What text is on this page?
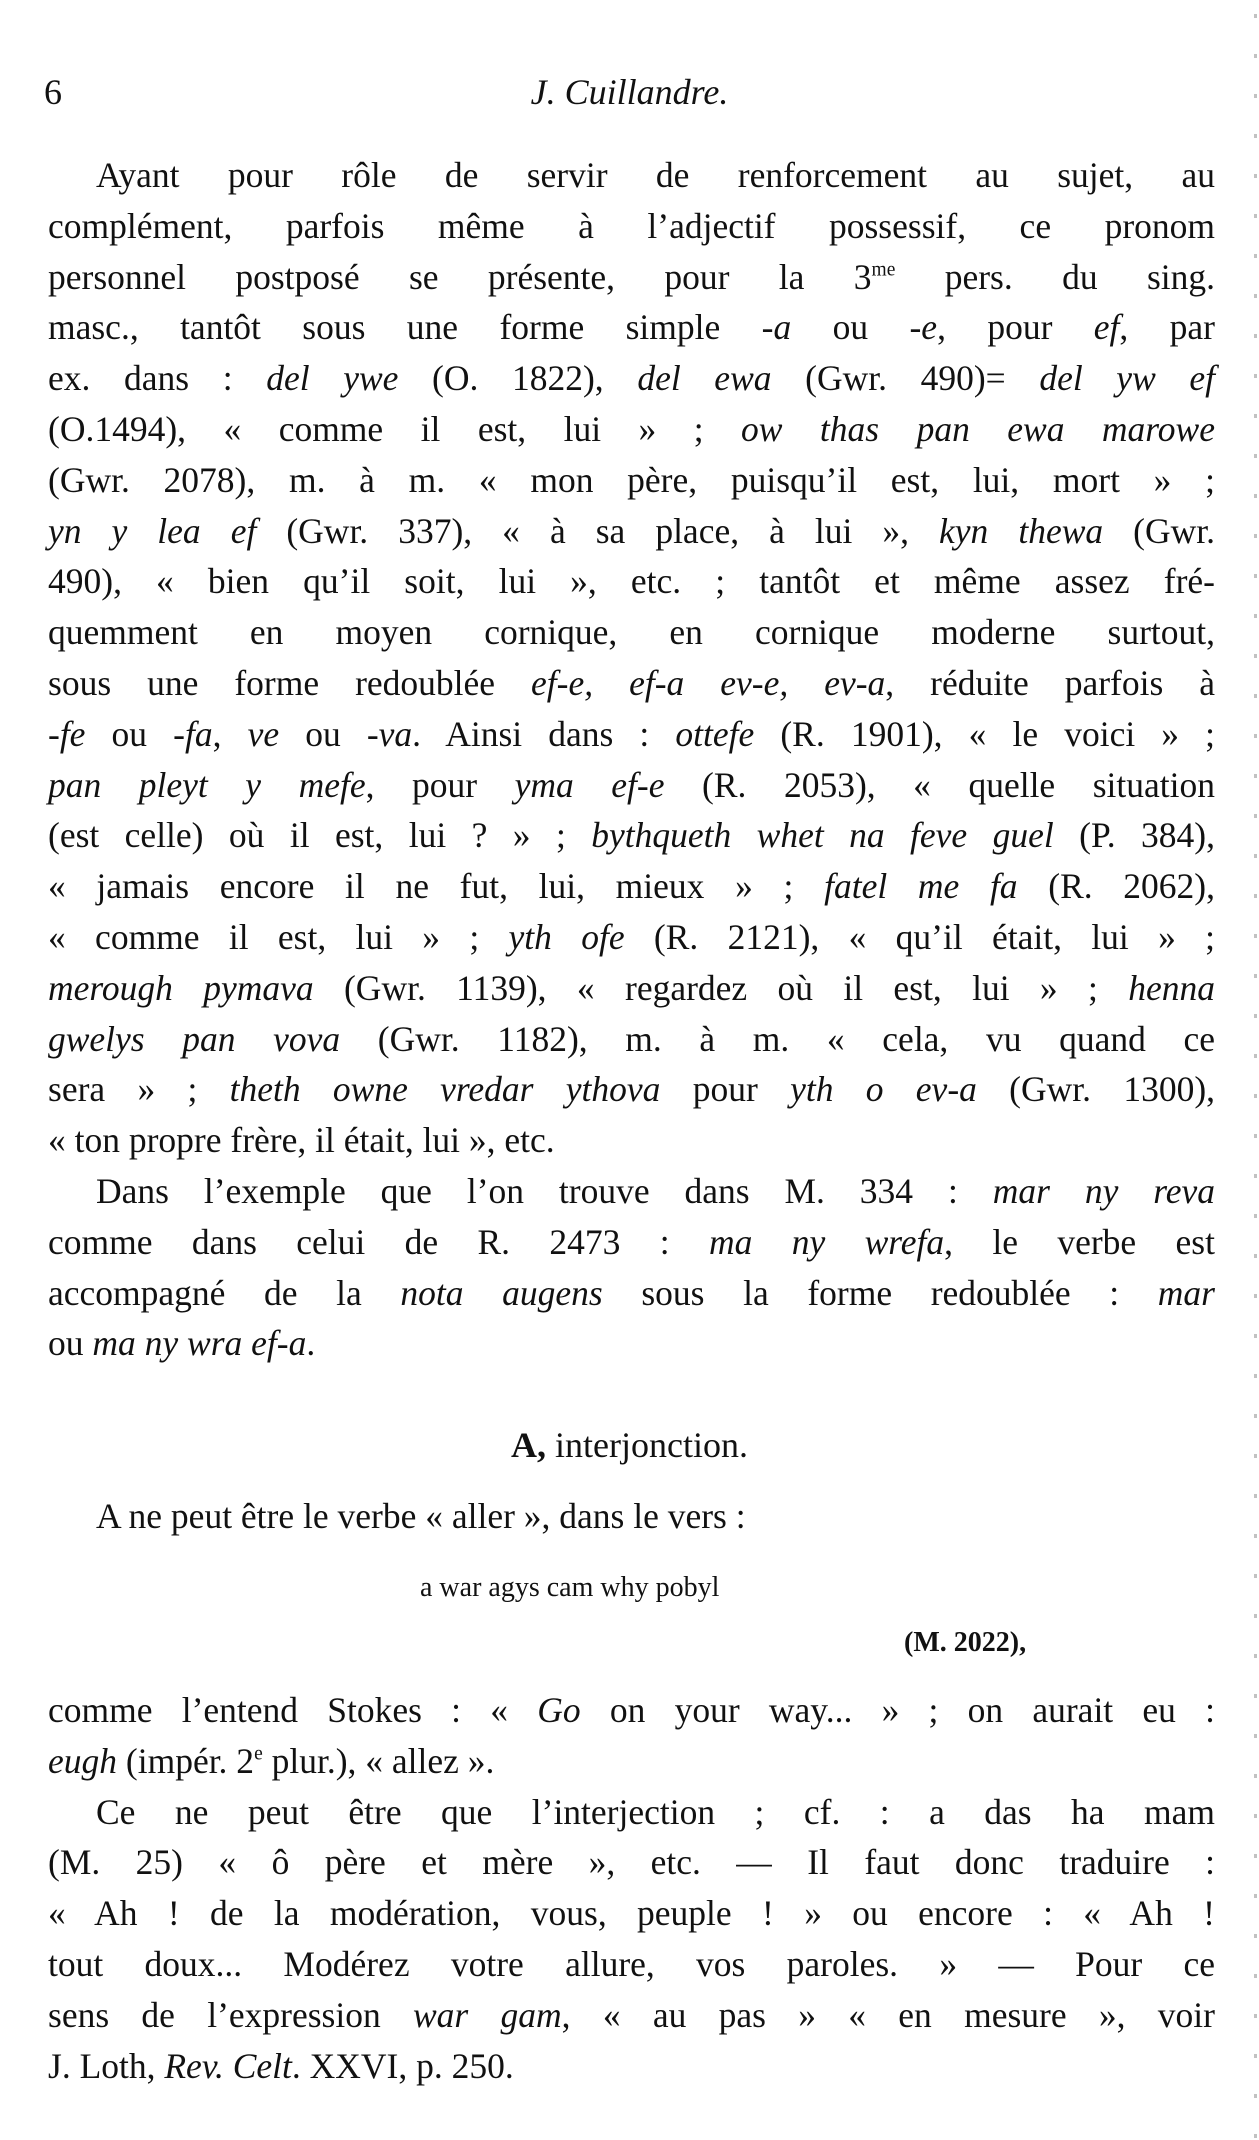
6	J. Cuillandre.
Ayant pour rôle de servir de renforcement au sujet, au
complément, parfois même à l’adjectif possessif, ce pronom
personnel postposé se présente, pour la $3^{me}$ pers. du sing.
masc., tantôt sous une forme simple -a ou -e, pour ef, par
ex. dans : del ywe (O. 1822), del ewa (Gwr. 490)= del yw ef
(O.1494), « comme il est, lui » ; ow thas pan ewa marowe
(Gwr. 2078), m. à m. « mon père, puisqu’il est, lui, mort » ;
yn y lea ef (Gwr. 337), « à sa place, à lui », kyn thewa (Gwr.
490), « bien qu’il soit, lui », etc. ; tantôt et même assez fré-
quemment en moyen cornique, en cornique moderne surtout,
sous une forme redoublée ef-e, ef-a ev-e, ev-a, réduite parfois à
-fe ou -fa, ve ou -va. Ainsi dans : ottefe (R. 1901), « le voici » ;
pan pleyt y mefe, pour yma ef-e (R. 2053), « quelle situation
(est celle) où il est, lui ? » ; bythqueth whet na feve guel (P. 384),
« jamais encore il ne fut, lui, mieux » ; fatel me fa (R. 2062),
« comme il est, lui » ; yth ofe (R. 2121), « qu’il était, lui » ;
merough pymava (Gwr. 1139), « regardez où il est, lui » ; henna
gwelys pan vova (Gwr. 1182), m. à m. « cela, vu quand ce
sera » ; theth owne vredar ythova pour yth o ev-a (Gwr. 1300),
« ton propre frère, il était, lui », etc.
Dans l’exemple que l’on trouve dans M. 334 : mar ny reva
comme dans celui de R. 2473 : ma ny wrefa, le verbe est
accompagné de la nota augens sous la forme redoublée : mar
ou ma ny wra ef-a.
A, interjonction.
A ne peut être le verbe « aller », dans le vers :
a war agys cam why pobyl
(M. 2022),
comme l’entend Stokes : « Go on your way... » ; on aurait eu :
eugh (impér. 2e plur.), « allez ».
Ce ne peut être que l’interjection ; cf. : a das ha mam
(M. 25) « ô père et mère », etc. — Il faut donc traduire :
« Ah ! de la modération, vous, peuple ! » ou encore : « Ah !
tout doux... Modérez votre allure, vos paroles. » — Pour ce
sens de l’expression war gam, « au pas » « en mesure », voir
J. Loth, Rev. Celt. XXVI, p. 250.
